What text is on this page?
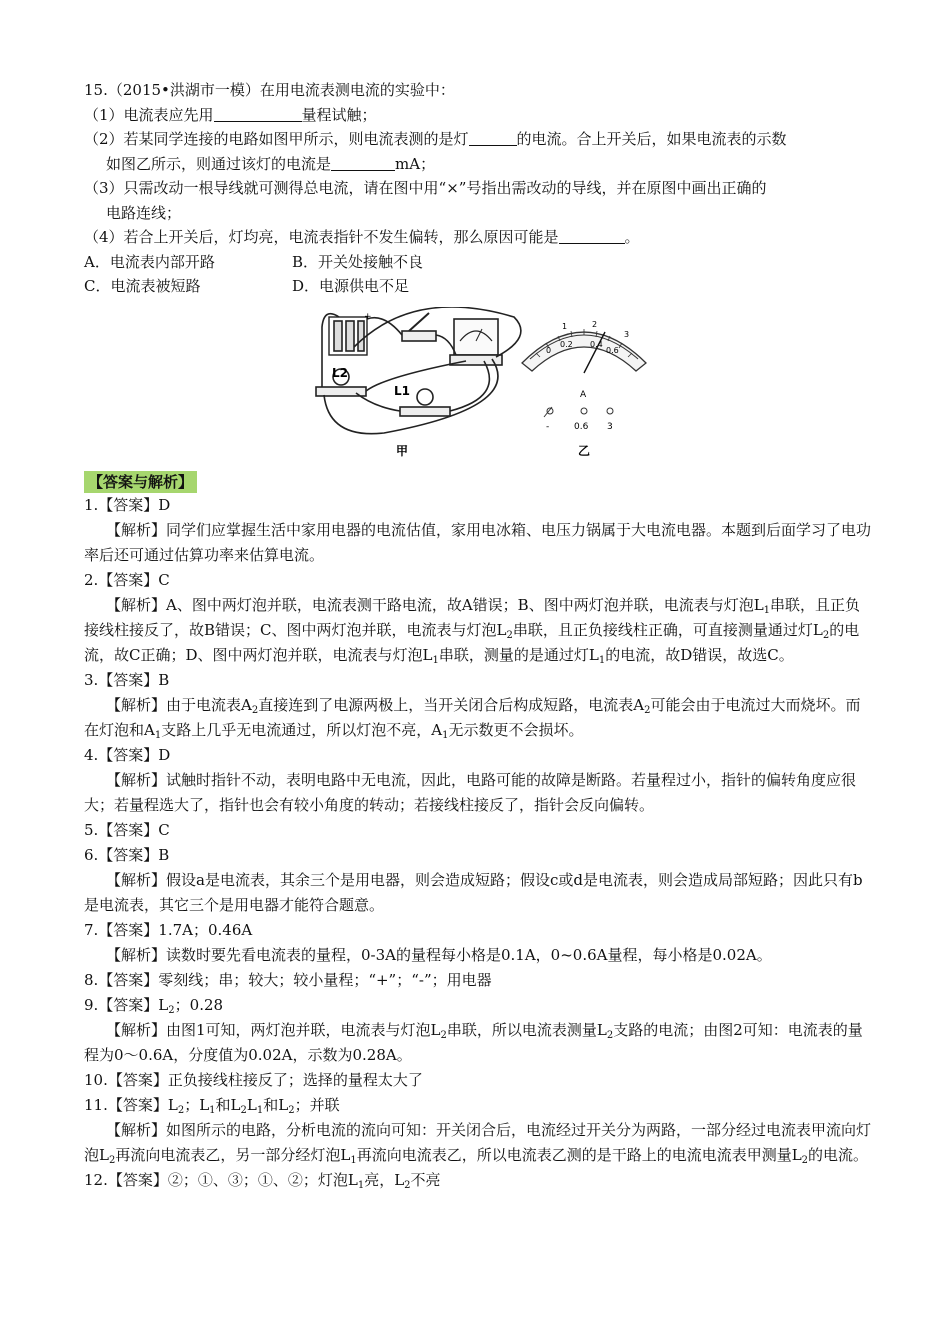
15.（2015•洪湖市一模）在用电流表测电流的实验中：
（1）电流表应先用	量程试触；
（2）若某同学连接的电路如图甲所示，则电流表测的是灯	的电流。合上开关后，如果电流表的示数
如图乙所示，则通过该灯的电流是	mA；
（3）只需改动一根导线就可测得总电流，请在图中用“×”号指出需改动的导线，并在原图中画出正确的
电路连线；
（4）若合上开关后，灯均亮，电流表指针不发生偏转，那么原因可能是	。
A．电流表内部开路	B．开关处接触不良
C．电流表被短路	D．电源供电不足
L2
L1
+
甲
0
0.2 0.4
0.6
1	2
3
A
-	0.6 3
乙
【答案与解析】
1.【答案】D
【解析】同学们应掌握生活中家用电器的电流估值，家用电冰箱、电压力锅属于大电流电器。本题到后面学习了电功率后还可通过估算功率来估算电流。
2.【答案】C
【解析】A、图中两灯泡并联，电流表测干路电流，故A错误；B、图中两灯泡并联，电流表与灯泡$L_1$串联，且正负接线柱接反了，故B错误；C、图中两灯泡并联，电流表与灯泡$L_2$串联，且正负接线柱正确，可直接测量通过灯$L_2$的电流，故C正确；D、图中两灯泡并联，电流表与灯泡$L_1$串联，测量的是通过灯$L_1$的电流，故D错误，故选C。
3.【答案】B
【解析】由于电流表$A_2$直接连到了电源两极上，当开关闭合后构成短路，电流表$A_2$可能会由于电流过大而烧坏。而在灯泡和$A_1$支路上几乎无电流通过，所以灯泡不亮，$A_1$无示数更不会损坏。
4.【答案】D
【解析】试触时指针不动，表明电路中无电流，因此，电路可能的故障是断路。若量程过小，指针的偏转角度应很大；若量程选大了，指针也会有较小角度的转动；若接线柱接反了，指针会反向偏转。
5.【答案】C
6.【答案】B
【解析】假设a是电流表，其余三个是用电器，则会造成短路；假设c或d是电流表，则会造成局部短路；因此只有b是电流表，其它三个是用电器才能符合题意。
7.【答案】1.7A；0.46A
【解析】读数时要先看电流表的量程，0-3A的量程每小格是0.1A，0~0.6A量程，每小格是0.02A。
8.【答案】零刻线；串；较大；较小量程；“+”；“-”；用电器
9.【答案】$L_2$；0.28
【解析】由图1可知，两灯泡并联，电流表与灯泡$L_2$串联，所以电流表测量$L_2$支路的电流；由图2可知：电流表的量程为0～0.6A，分度值为0.02A，示数为0.28A。
10.【答案】正负接线柱接反了；选择的量程太大了
11.【答案】$L_2$；$L_1$和$L_2L_1$和$L_2$；并联
【解析】如图所示的电路，分析电流的流向可知：开关闭合后，电流经过开关分为两路，一部分经过电流表甲流向灯泡$L_2$再流向电流表乙，另一部分经灯泡$L_1$再流向电流表乙，所以电流表乙测的是干路上的电流电流表甲测量$L_2$的电流。
12.【答案】②；①、③；①、②；灯泡$L_1$亮，$L_2$不亮
